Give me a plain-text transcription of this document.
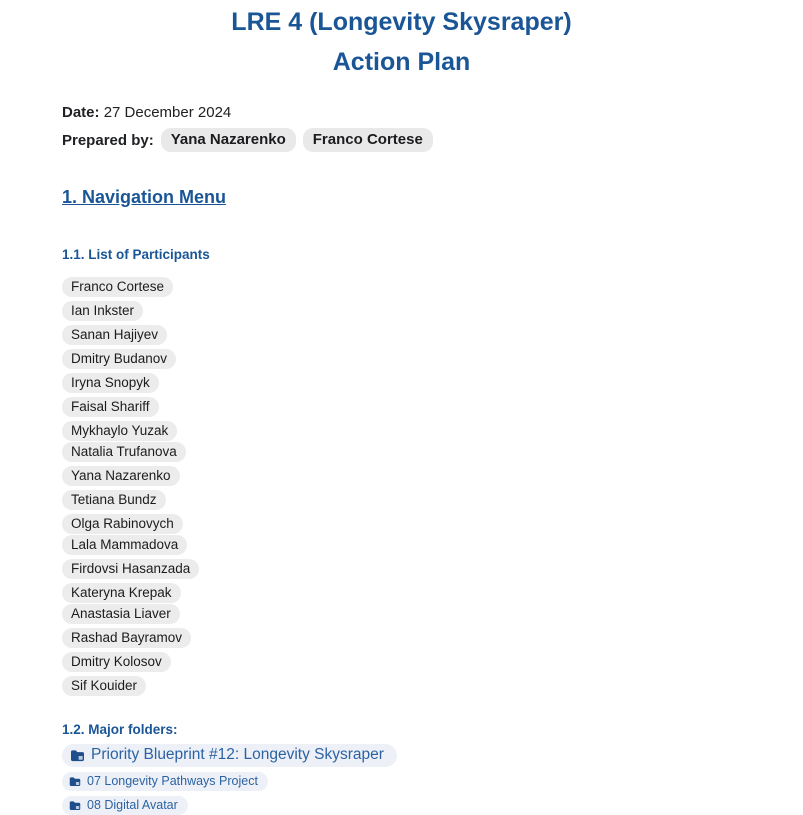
LRE 4 (Longevity Skysraper)
Action Plan
Date: 27 December 2024
Prepared by:	Yana Nazarenko	Franco Cortese
1. Navigation Menu
1.1. List of Participants
Franco Cortese
Ian Inkster
Sanan Hajiyev
Dmitry Budanov
Iryna Snopyk
Faisal Shariff
Mykhaylo Yuzak
Natalia Trufanova
Yana Nazarenko
Tetiana Bundz
Olga Rabinovych
Lala Mammadova
Firdovsi Hasanzada
Kateryna Krepak
Anastasia Liaver
Rashad Bayramov
Dmitry Kolosov
Sif Kouider
1.2. Major folders:
Priority Blueprint #12: Longevity Skysraper
07 Longevity Pathways Project
08 Digital Avatar
